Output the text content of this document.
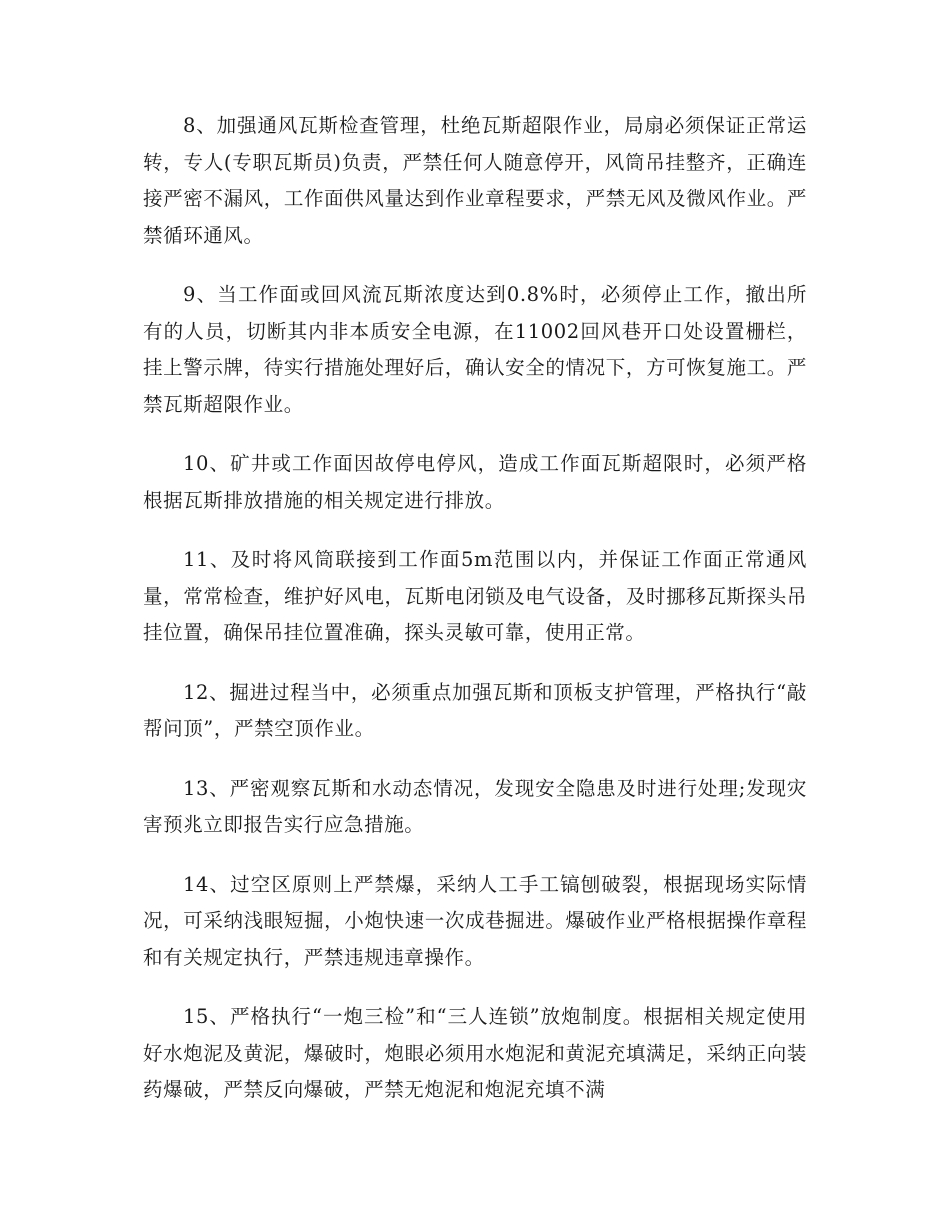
8、加强通风瓦斯检查管理，杜绝瓦斯超限作业，局扇必须保证正常运转，专人(专职瓦斯员)负责，严禁任何人随意停开，风筒吊挂整齐，正确连接严密不漏风，工作面供风量达到作业章程要求，严禁无风及微风作业。严禁循环通风。

9、当工作面或回风流瓦斯浓度达到0.8%时，必须停止工作，撤出所有的人员，切断其内非本质安全电源，在11002回风巷开口处设置栅栏，挂上警示牌，待实行措施处理好后，确认安全的情况下，方可恢复施工。严禁瓦斯超限作业。

10、矿井或工作面因故停电停风，造成工作面瓦斯超限时，必须严格根据瓦斯排放措施的相关规定进行排放。

11、及时将风筒联接到工作面5m范围以内，并保证工作面正常通风量，常常检查，维护好风电，瓦斯电闭锁及电气设备，及时挪移瓦斯探头吊挂位置，确保吊挂位置准确，探头灵敏可靠，使用正常。

12、掘进过程当中，必须重点加强瓦斯和顶板支护管理，严格执行“敲帮问顶”，严禁空顶作业。

13、严密观察瓦斯和水动态情况，发现安全隐患及时进行处理;发现灾害预兆立即报告实行应急措施。

14、过空区原则上严禁爆，采纳人工手工镐刨破裂，根据现场实际情况，可采纳浅眼短掘，小炮快速一次成巷掘进。爆破作业严格根据操作章程和有关规定执行，严禁违规违章操作。

15、严格执行“一炮三检”和“三人连锁”放炮制度。根据相关规定使用好水炮泥及黄泥，爆破时，炮眼必须用水炮泥和黄泥充填满足，采纳正向装药爆破，严禁反向爆破，严禁无炮泥和炮泥充填不满
